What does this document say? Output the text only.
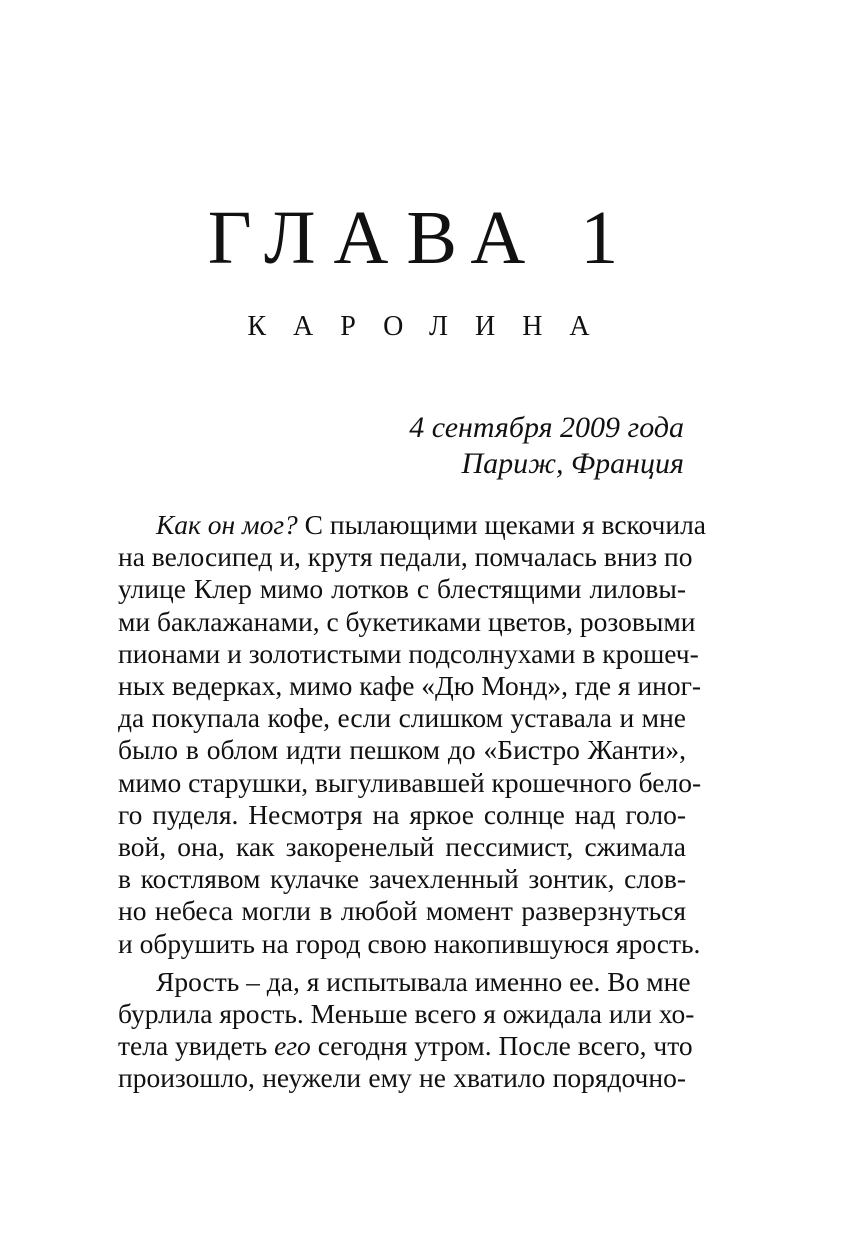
ГЛАВА 1
КАРОЛИНА
4 сентября 2009 года
Париж, Франция
Как он мог? С пылающими щеками я вскочила
на велосипед и, крутя педали, помчалась вниз по
улице Клер мимо лотков с блестящими лиловы-
ми баклажанами, с букетиками цветов, розовыми
пионами и золотистыми подсолнухами в крошеч-
ных ведерках, мимо кафе «Дю Монд», где я иног-
да покупала кофе, если слишком уставала и мне
было в облом идти пешком до «Бистро Жанти»,
мимо старушки, выгуливавшей крошечного бело-
го пуделя. Несмотря на яркое солнце над голо-
вой, она, как закоренелый пессимист, сжимала
в костлявом кулачке зачехленный зонтик, слов-
но небеса могли в любой момент разверзнуться
и обрушить на город свою накопившуюся ярость.
Ярость – да, я испытывала именно ее. Во мне
бурлила ярость. Меньше всего я ожидала или хо-
тела увидеть его сегодня утром. После всего, что
произошло, неужели ему не хватило порядочно-
